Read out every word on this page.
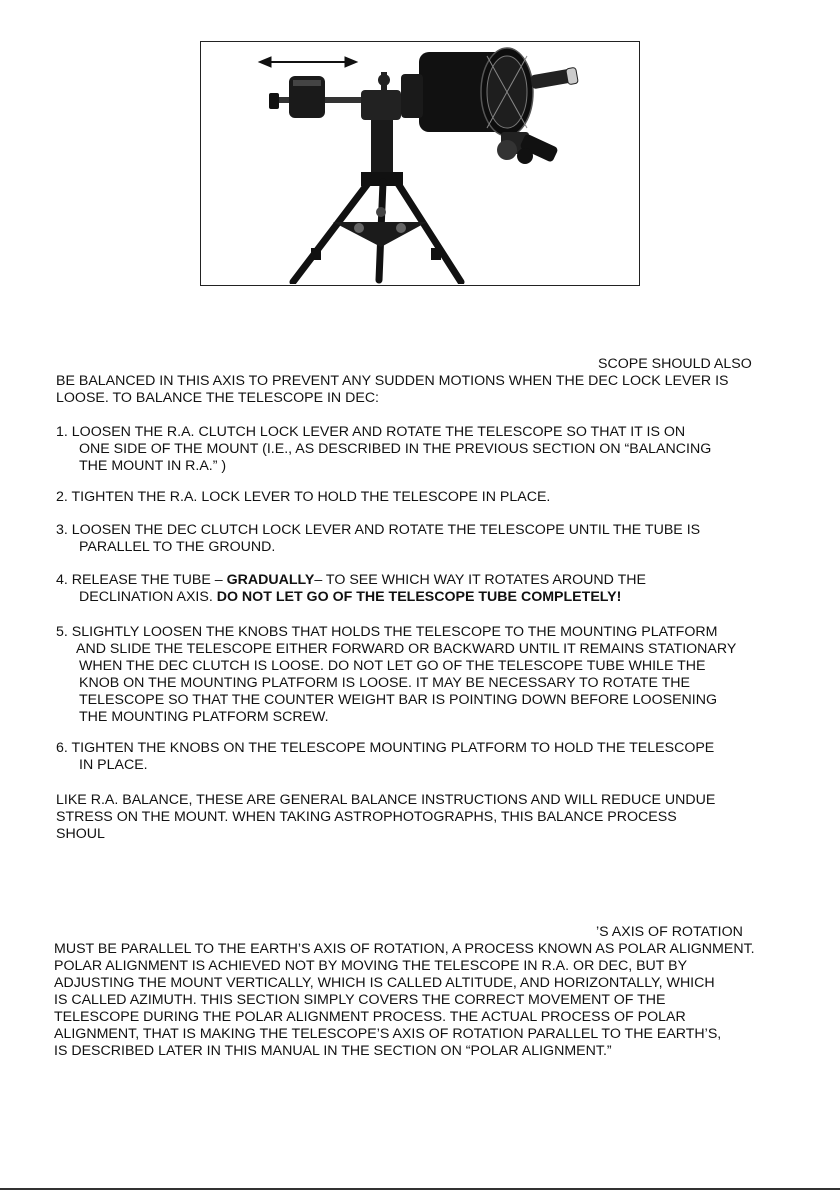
SCOPE SHOULD ALSO
BE BALANCED IN THIS AXIS TO PREVENT ANY SUDDEN MOTIONS WHEN THE DEC LOCK LEVER IS
LOOSE. TO BALANCE THE TELESCOPE IN DEC:
1. LOOSEN THE R.A. CLUTCH LOCK LEVER AND ROTATE THE TELESCOPE SO THAT IT IS ON
ONE SIDE OF THE MOUNT (I.E., AS DESCRIBED IN THE PREVIOUS SECTION ON “BALANCING
THE MOUNT IN R.A.” )
2. TIGHTEN THE R.A. LOCK LEVER TO HOLD THE TELESCOPE IN PLACE.
3. LOOSEN THE DEC CLUTCH LOCK LEVER AND ROTATE THE TELESCOPE UNTIL THE TUBE IS
PARALLEL TO THE GROUND.
4. RELEASE THE TUBE ‒ GRADUALLY‒ TO SEE WHICH WAY IT ROTATES AROUND THE
DECLINATION AXIS. DO NOT LET GO OF THE TELESCOPE TUBE COMPLETELY!
5. SLIGHTLY LOOSEN THE KNOBS THAT HOLDS THE TELESCOPE TO THE MOUNTING PLATFORM
AND SLIDE THE TELESCOPE EITHER FORWARD OR BACKWARD UNTIL IT REMAINS STATIONARY
WHEN THE DEC CLUTCH IS LOOSE. DO NOT LET GO OF THE TELESCOPE TUBE WHILE THE
KNOB ON THE MOUNTING PLATFORM IS LOOSE. IT MAY BE NECESSARY TO ROTATE THE
TELESCOPE SO THAT THE COUNTER WEIGHT BAR IS POINTING DOWN BEFORE LOOSENING
THE MOUNTING PLATFORM SCREW.
6. TIGHTEN THE KNOBS ON THE TELESCOPE MOUNTING PLATFORM TO HOLD THE TELESCOPE
IN PLACE.
LIKE R.A. BALANCE, THESE ARE GENERAL BALANCE INSTRUCTIONS AND WILL REDUCE UNDUE
STRESS ON THE MOUNT. WHEN TAKING ASTROPHOTOGRAPHS, THIS BALANCE PROCESS
SHOUL
’S AXIS OF ROTATION
MUST BE PARALLEL TO THE EARTH’S AXIS OF ROTATION, A PROCESS KNOWN AS POLAR ALIGNMENT.
POLAR ALIGNMENT IS ACHIEVED NOT BY MOVING THE TELESCOPE IN R.A. OR DEC, BUT BY
ADJUSTING THE MOUNT VERTICALLY, WHICH IS CALLED ALTITUDE, AND HORIZONTALLY, WHICH
IS CALLED AZIMUTH. THIS SECTION SIMPLY COVERS THE CORRECT MOVEMENT OF THE
TELESCOPE DURING THE POLAR ALIGNMENT PROCESS. THE ACTUAL PROCESS OF POLAR
ALIGNMENT, THAT IS MAKING THE TELESCOPE’S AXIS OF ROTATION PARALLEL TO THE EARTH’S,
IS DESCRIBED LATER IN THIS MANUAL IN THE SECTION ON “POLAR ALIGNMENT.”
